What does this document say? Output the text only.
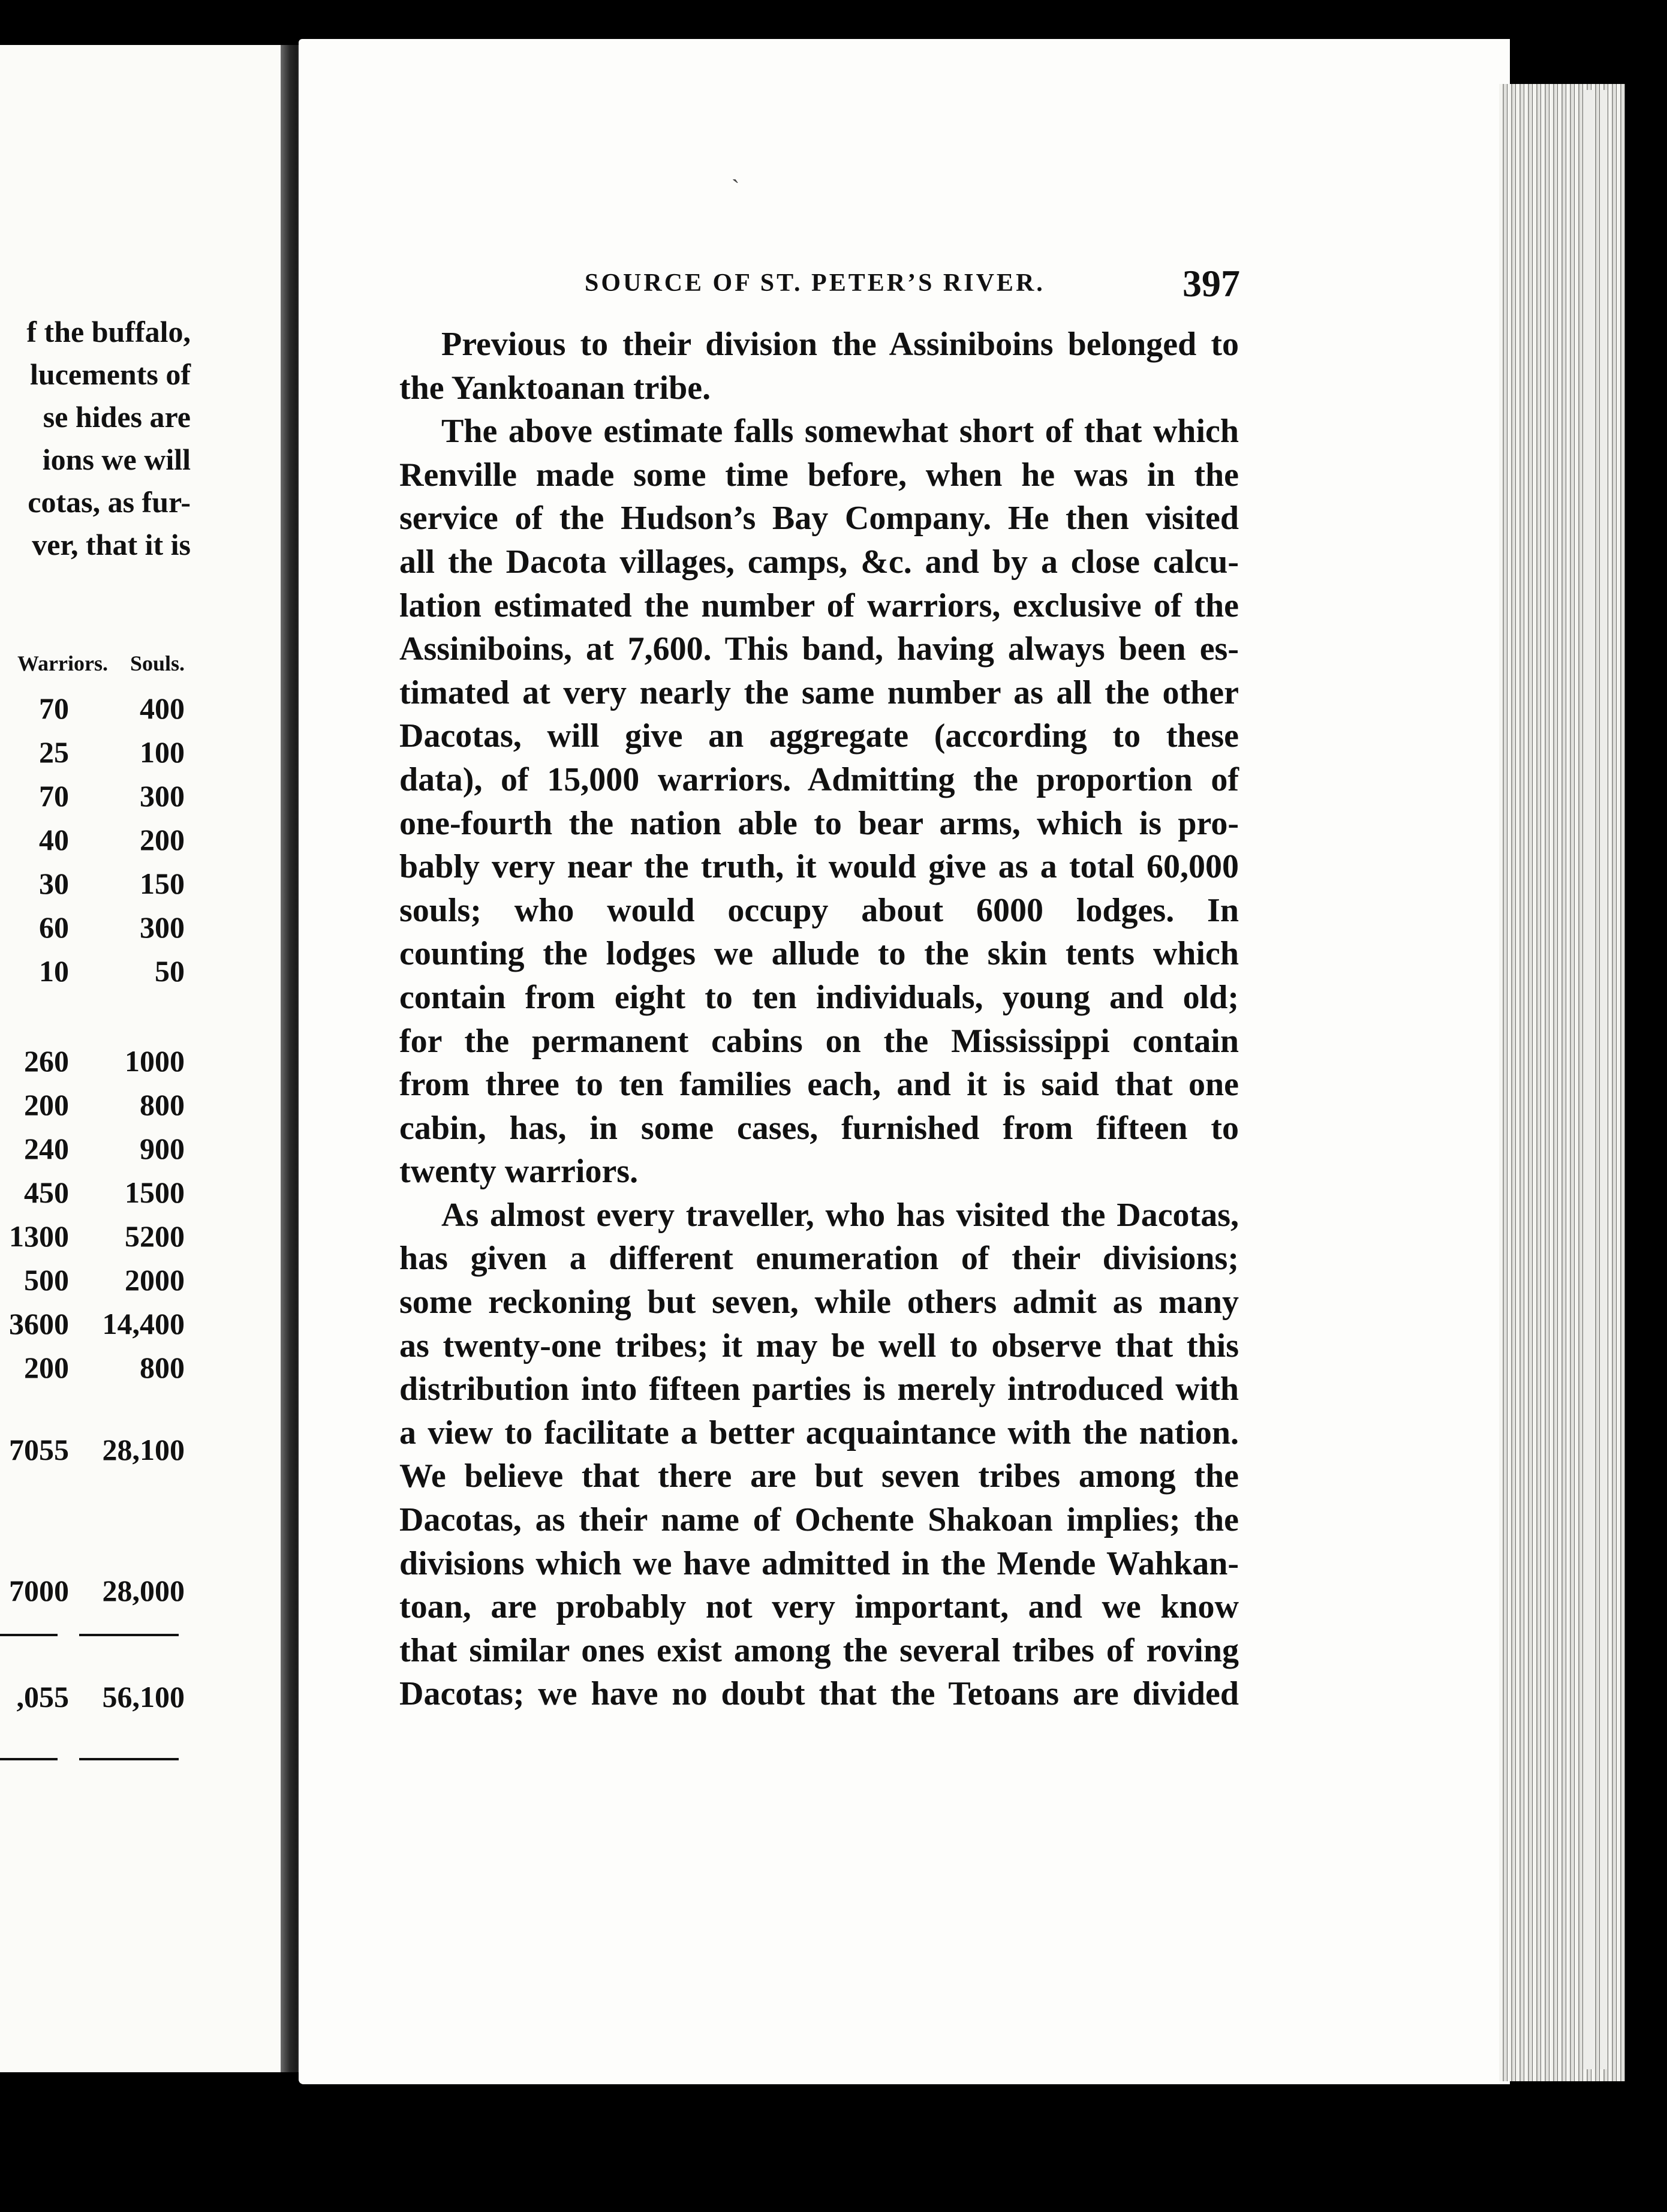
f the buffalo,
lucements of
se hides are
ions we will
cotas, as fur-
ver, that it is
Warriors. Souls.
70 400
25 100
70 300
40 200
30 150
60 300
10	50
260 1000
200 800
240 900
450 1500
1300 5200
500 2000
3600 14,400
200 800
7055 28,100
7000 28,000
,055 56,100
SOURCE OF ST. PETER’S RIVER.	397
ˋ
Previous to their division the Assiniboins belonged to
the Yanktoanan tribe.
The above estimate falls somewhat short of that which
Renville made some time before, when he was in the
service of the Hudson’s Bay Company. He then visited
all the Dacota villages, camps, &c. and by a close calcu-
lation estimated the number of warriors, exclusive of the
Assiniboins, at 7,600. This band, having always been es-
timated at very nearly the same number as all the other
Dacotas, will give an aggregate (according to these
data), of 15,000 warriors. Admitting the proportion of
one-fourth the nation able to bear arms, which is pro-
bably very near the truth, it would give as a total 60,000
souls; who would occupy about 6000 lodges. In
counting the lodges we allude to the skin tents which
contain from eight to ten individuals, young and old;
for the permanent cabins on the Mississippi contain
from three to ten families each, and it is said that one
cabin, has, in some cases, furnished from fifteen to
twenty warriors.
As almost every traveller, who has visited the Dacotas,
has given a different enumeration of their divisions;
some reckoning but seven, while others admit as many
as twenty-one tribes; it may be well to observe that this
distribution into fifteen parties is merely introduced with
a view to facilitate a better acquaintance with the nation.
We believe that there are but seven tribes among the
Dacotas, as their name of Ochente Shakoan implies; the
divisions which we have admitted in the Mende Wahkan-
toan, are probably not very important, and we know
that similar ones exist among the several tribes of roving
Dacotas; we have no doubt that the Tetoans are divided
